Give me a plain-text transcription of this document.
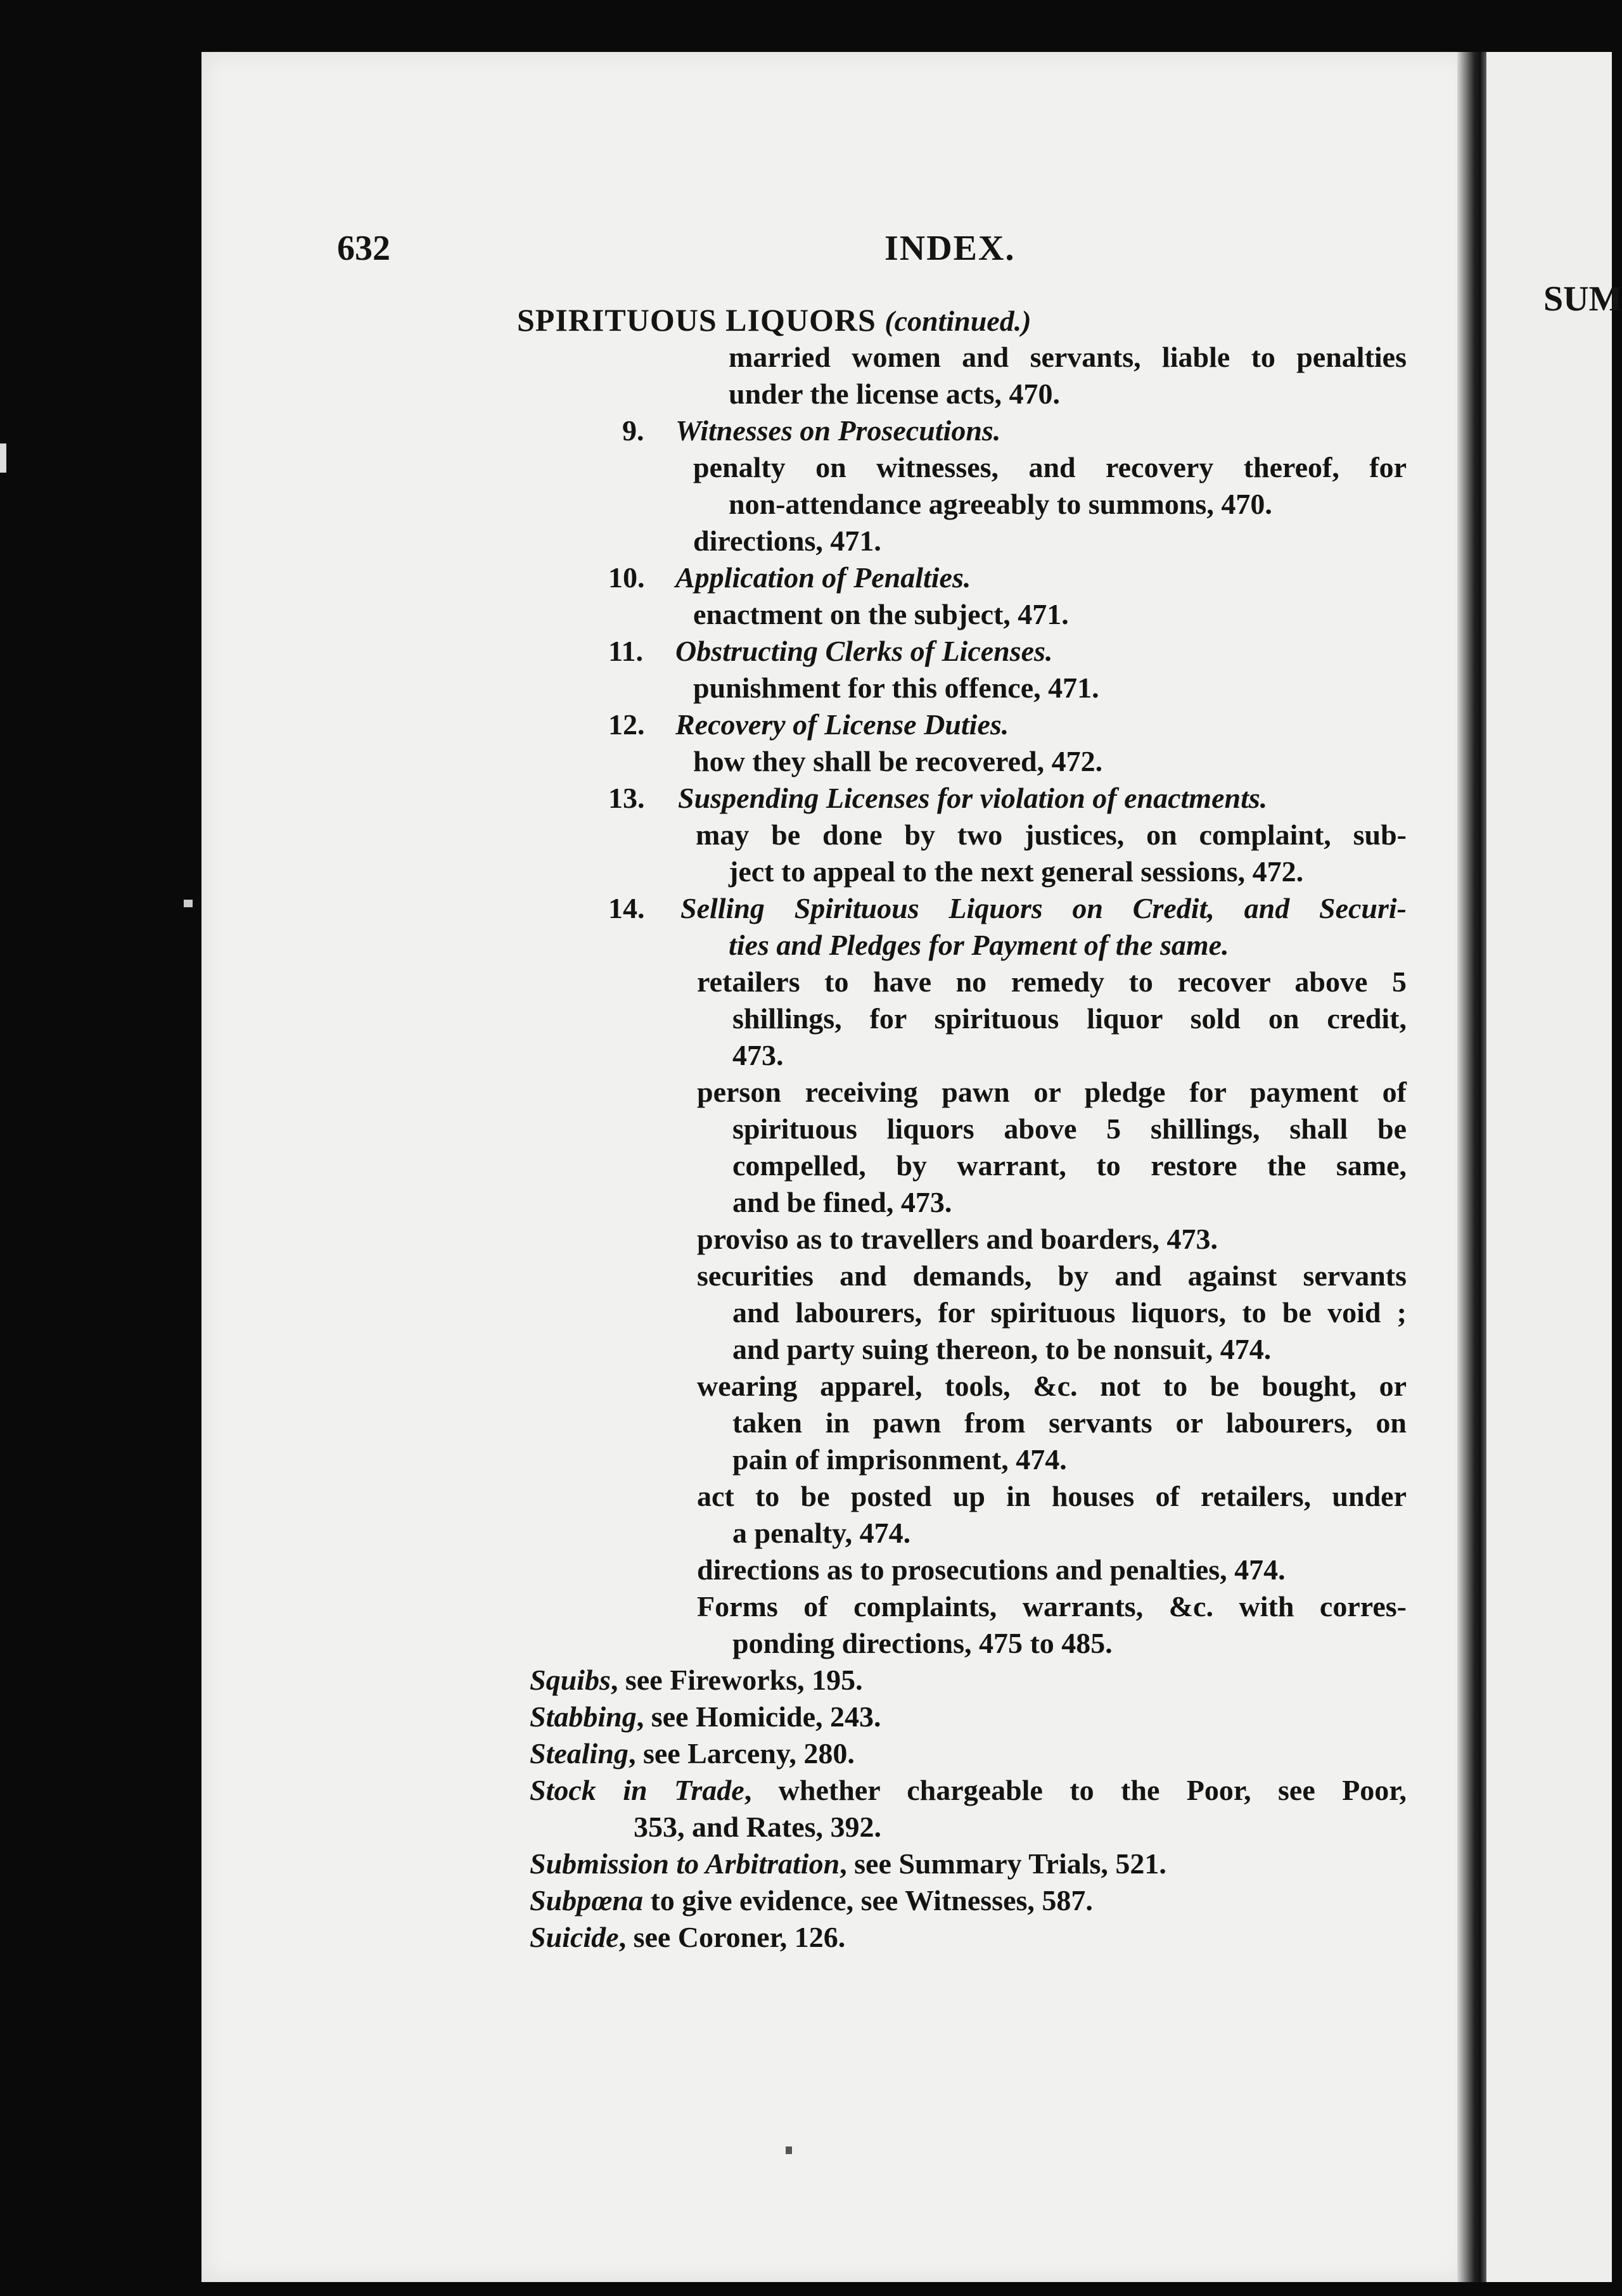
SUM
632	INDEX.
SPIRITUOUS LIQUORS (continued.)
married women and servants, liable to penalties
under the license acts, 470.
9. Witnesses on Prosecutions.
penalty on witnesses, and recovery thereof, for
non-attendance agreeably to summons, 470.
directions, 471.
10. Application of Penalties.
enactment on the subject, 471.
11. Obstructing Clerks of Licenses.
punishment for this offence, 471.
12. Recovery of License Duties.
how they shall be recovered, 472.
13. Suspending Licenses for violation of enactments.
may be done by two justices, on complaint, sub-
ject to appeal to the next general sessions, 472.
14. Selling Spirituous Liquors on Credit, and Securi-
ties and Pledges for Payment of the same.
retailers to have no remedy to recover above 5
shillings, for spirituous liquor sold on credit,
473.
person receiving pawn or pledge for payment of
spirituous liquors above 5 shillings, shall be
compelled, by warrant, to restore the same,
and be fined, 473.
proviso as to travellers and boarders, 473.
securities and demands, by and against servants
and labourers, for spirituous liquors, to be void ;
and party suing thereon, to be nonsuit, 474.
wearing apparel, tools, &c. not to be bought, or
taken in pawn from servants or labourers, on
pain of imprisonment, 474.
act to be posted up in houses of retailers, under
a penalty, 474.
directions as to prosecutions and penalties, 474.
Forms of complaints, warrants, &c. with corres-
ponding directions, 475 to 485.
Squibs, see Fireworks, 195.
Stabbing, see Homicide, 243.
Stealing, see Larceny, 280.
Stock in Trade, whether chargeable to the Poor, see Poor,
353, and Rates, 392.
Submission to Arbitration, see Summary Trials, 521.
Subpœna to give evidence, see Witnesses, 587.
Suicide, see Coroner, 126.
